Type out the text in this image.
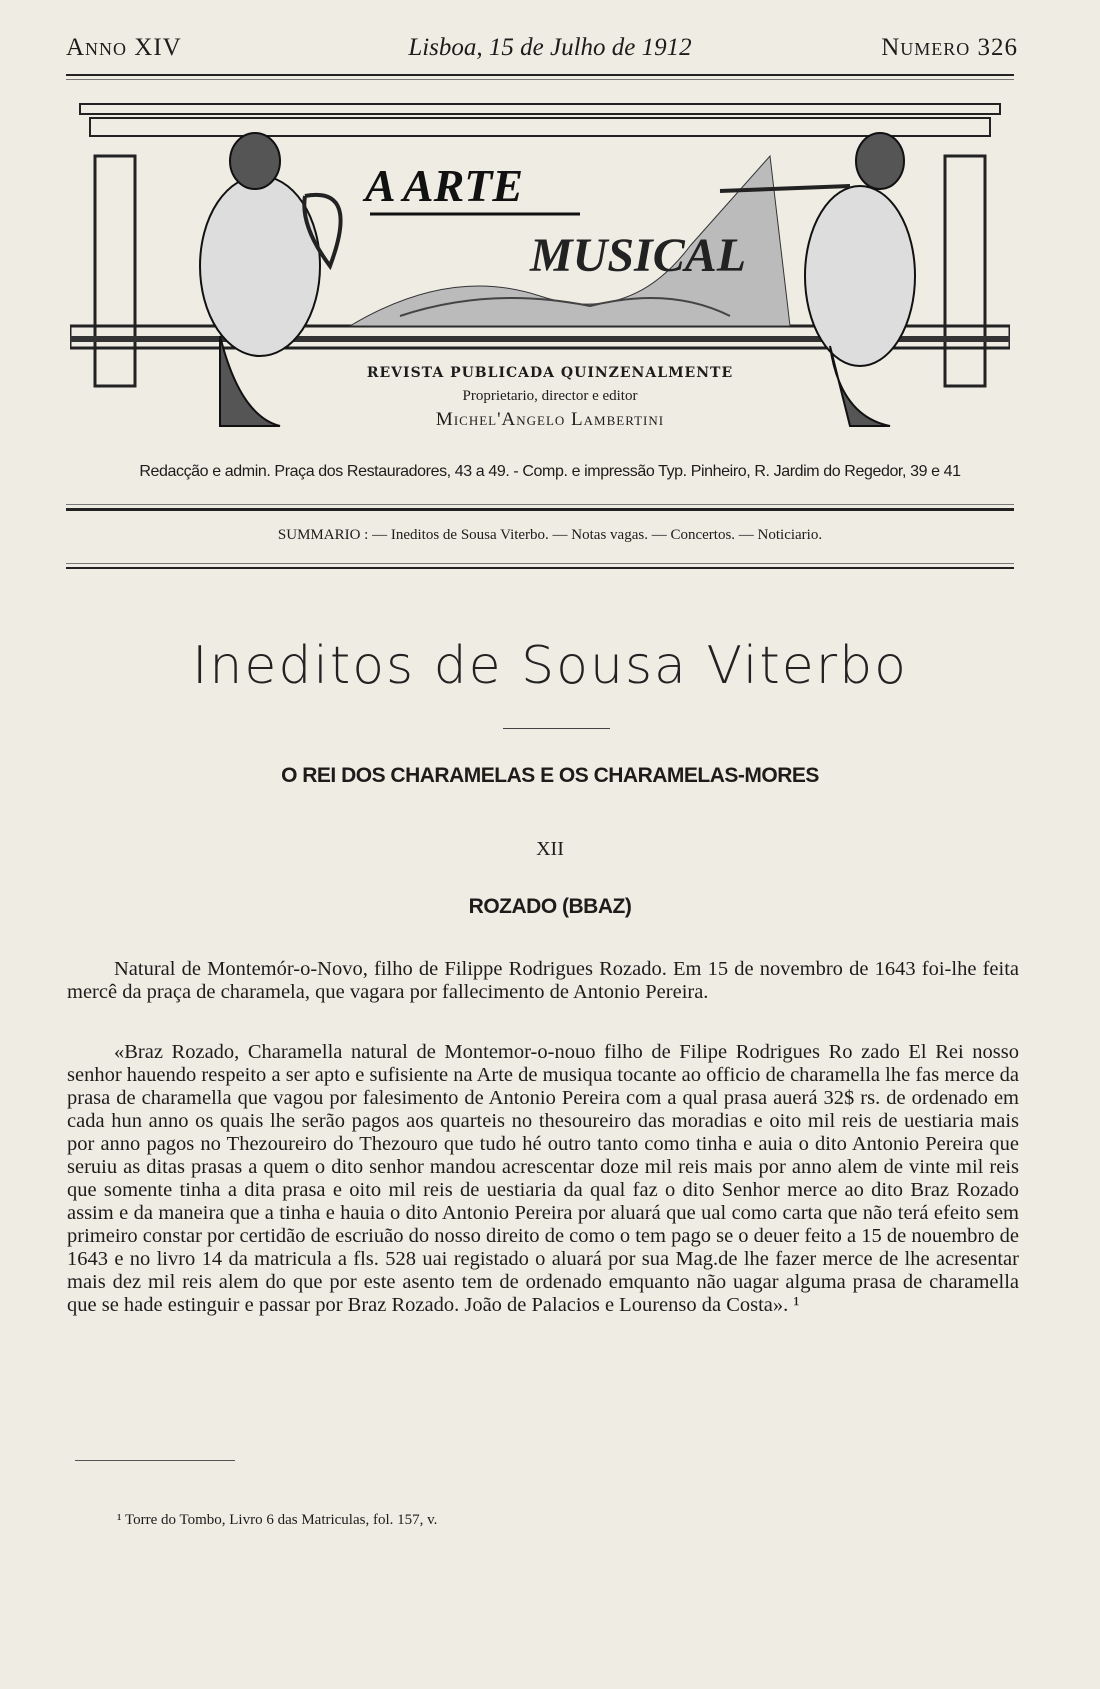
Anno XIV	Lisboa, 15 de Julho de 1912	Numero 326
A ARTE
MUSICAL
REVISTA PUBLICADA QUINZENALMENTE
Proprietario, director e editor
Michel'Angelo Lambertini
Redacção e admin. Praça dos Restauradores, 43 a 49. - Comp. e impressão Typ. Pinheiro, R. Jardim do Regedor, 39 e 41
SUMMARIO : — Ineditos de Sousa Viterbo. — Notas vagas. — Concertos. — Noticiario.
Ineditos de Sousa Viterbo
O REI DOS CHARAMELAS E OS CHARAMELAS-MORES
XII
ROZADO (BBAZ)

Natural de Montemór-o-Novo, filho de Filippe Rodrigues Rozado. Em 15 de novembro de 1643 foi-lhe feita mercê da praça de charamela, que vagara por fallecimento de Antonio Pereira.

«Braz Rozado, Charamella natural de Montemor-o-nouo filho de Filipe Rodrigues Ro zado El Rei nosso senhor hauendo respeito a ser apto e sufisiente na Arte de musiqua tocante ao officio de charamella lhe fas merce da prasa de charamella que vagou por falesimento de Antonio Pereira com a qual prasa auerá 32$ rs. de ordenado em cada hun anno os quais lhe serão pagos aos quarteis no thesoureiro das moradias e oito mil reis de uestiaria mais por anno pagos no Thezoureiro do Thezouro que tudo hé outro tanto como tinha e auia o dito Antonio Pereira que seruiu as ditas prasas a quem o dito senhor mandou acrescentar doze mil reis mais por anno alem de vinte mil reis que somente tinha a dita prasa e oito mil reis de uestiaria da qual faz o dito Senhor merce ao dito Braz Rozado assim e da maneira que a tinha e hauia o dito Antonio Pereira por aluará que ual como carta que não terá efeito sem primeiro constar por certidão de escriuão do nosso direito de como o tem pago se o deuer feito a 15 de nouembro de 1643 e no livro 14 da matricula a fls. 528 uai registado o aluará por sua Mag.de lhe fazer merce de lhe acresentar mais dez mil reis alem do que por este asento tem de ordenado emquanto não uagar alguma prasa de charamella que se hade estinguir e passar por Braz Rozado. João de Palacios e Lourenso da Costa». ¹

¹ Torre do Tombo, Livro 6 das Matriculas, fol. 157, v.
